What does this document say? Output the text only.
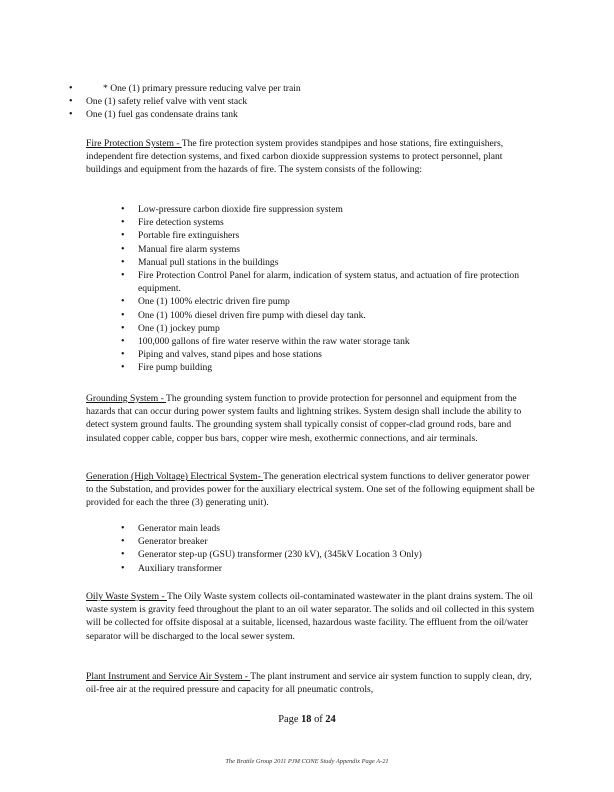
• * One (1) primary pressure reducing valve per train
• One (1) safety relief valve with vent stack
• One (1) fuel gas condensate drains tank

Fire Protection System - The fire protection system provides standpipes and hose stations, fire extinguishers, independent fire detection systems, and fixed carbon dioxide suppression systems to protect personnel, plant buildings and equipment from the hazards of fire. The system consists of the following:

• Low-pressure carbon dioxide fire suppression system
• Fire detection systems
• Portable fire extinguishers
• Manual fire alarm systems
• Manual pull stations in the buildings
• Fire Protection Control Panel for alarm, indication of system status, and actuation of fire protection equipment.
• One (1) 100% electric driven fire pump
• One (1) 100% diesel driven fire pump with diesel day tank.
• One (1) jockey pump
• 100,000 gallons of fire water reserve within the raw water storage tank
• Piping and valves, stand pipes and hose stations
• Fire pump building

Grounding System - The grounding system function to provide protection for personnel and equipment from the hazards that can occur during power system faults and lightning strikes. System design shall include the ability to detect system ground faults. The grounding system shall typically consist of copper-clad ground rods, bare and insulated copper cable, copper bus bars, copper wire mesh, exothermic connections, and air terminals.

Generation (High Voltage) Electrical System- The generation electrical system functions to deliver generator power to the Substation, and provides power for the auxiliary electrical system. One set of the following equipment shall be provided for each the three (3) generating unit).

• Generator main leads
• Generator breaker
• Generator step-up (GSU) transformer (230 kV), (345kV Location 3 Only)
• Auxiliary transformer

Oily Waste System - The Oily Waste system collects oil-contaminated wastewater in the plant drains system. The oil waste system is gravity feed throughout the plant to an oil water separator. The solids and oil collected in this system will be collected for offsite disposal at a suitable, licensed, hazardous waste facility. The effluent from the oil/water separator will be discharged to the local sewer system.

Plant Instrument and Service Air System - The plant instrument and service air system function to supply clean, dry, oil-free air at the required pressure and capacity for all pneumatic controls,

Page 18 of 24
The Brattle Group 2011 PJM CONE Study Appendix Page A-21
